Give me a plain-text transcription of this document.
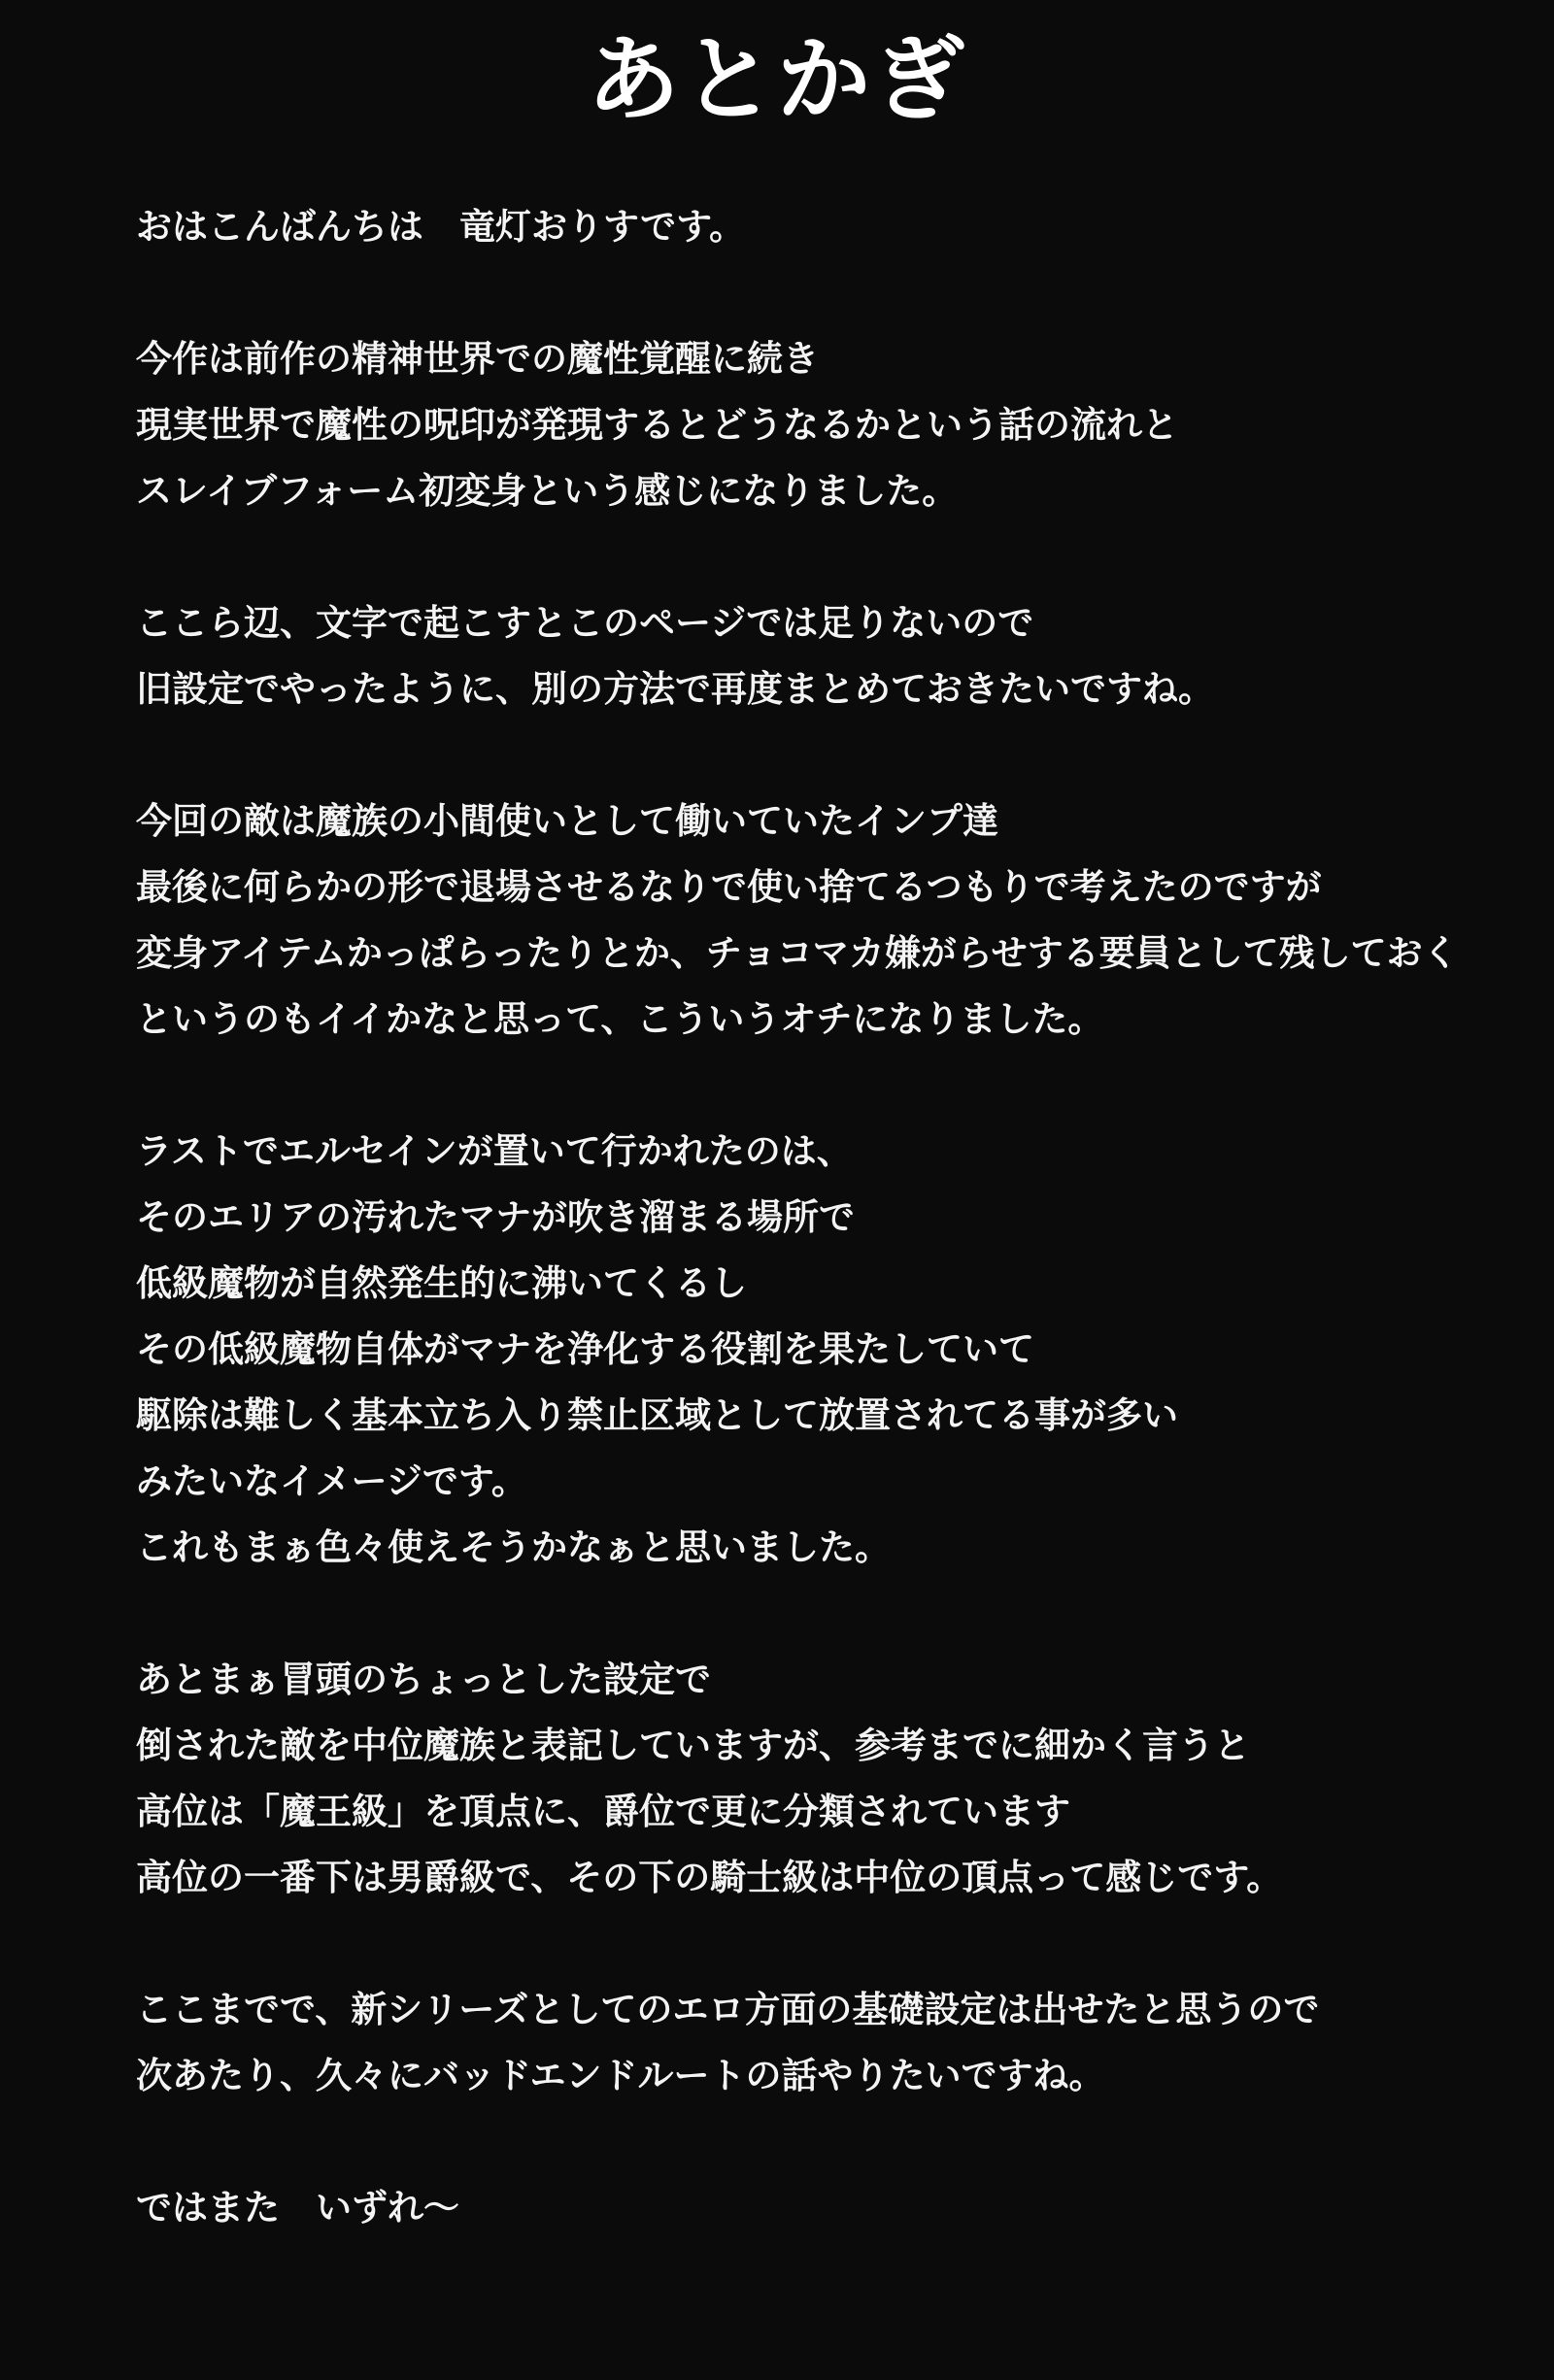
あとかぎ
おはこんばんちは　竜灯おりすです。
今作は前作の精神世界での魔性覚醒に続き
現実世界で魔性の呪印が発現するとどうなるかという話の流れと
スレイブフォーム初変身という感じになりました。
ここら辺、文字で起こすとこのページでは足りないので
旧設定でやったように、別の方法で再度まとめておきたいですね。
今回の敵は魔族の小間使いとして働いていたインプ達
最後に何らかの形で退場させるなりで使い捨てるつもりで考えたのですが
変身アイテムかっぱらったりとか、チョコマカ嫌がらせする要員として残しておく
というのもイイかなと思って、こういうオチになりました。
ラストでエルセインが置いて行かれたのは、
そのエリアの汚れたマナが吹き溜まる場所で
低級魔物が自然発生的に沸いてくるし
その低級魔物自体がマナを浄化する役割を果たしていて
駆除は難しく基本立ち入り禁止区域として放置されてる事が多い
みたいなイメージです。
これもまぁ色々使えそうかなぁと思いました。
あとまぁ冒頭のちょっとした設定で
倒された敵を中位魔族と表記していますが、参考までに細かく言うと
高位は「魔王級」を頂点に、爵位で更に分類されています
高位の一番下は男爵級で、その下の騎士級は中位の頂点って感じです。
ここまでで、新シリーズとしてのエロ方面の基礎設定は出せたと思うので
次あたり、久々にバッドエンドルートの話やりたいですね。
ではまた　いずれ～
